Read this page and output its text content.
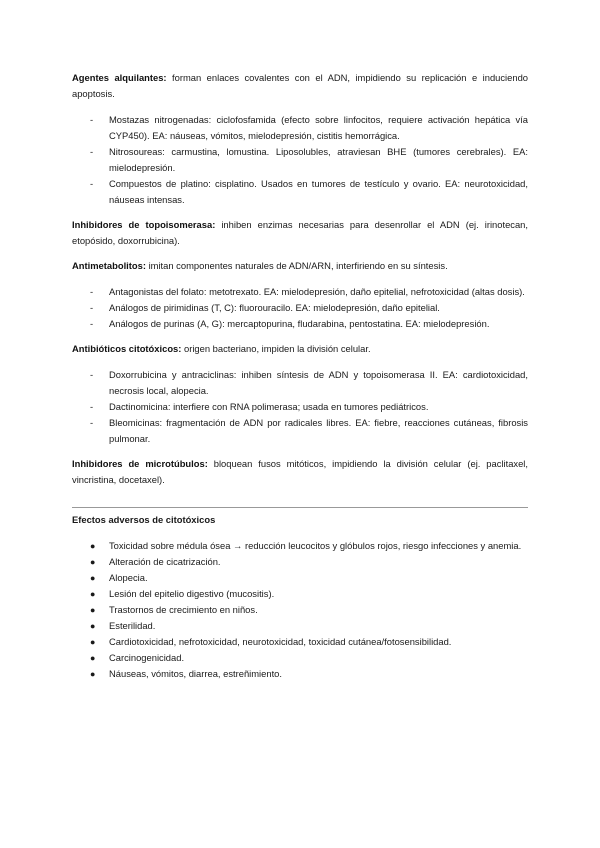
Agentes alquilantes: forman enlaces covalentes con el ADN, impidiendo su replicación e induciendo apoptosis.

- Mostazas nitrogenadas: ciclofosfamida (efecto sobre linfocitos, requiere activación hepática vía CYP450). EA: náuseas, vómitos, mielodepresión, cistitis hemorrágica.
- Nitrosoureas: carmustina, lomustina. Liposolubles, atraviesan BHE (tumores cerebrales). EA: mielodepresión.
- Compuestos de platino: cisplatino. Usados en tumores de testículo y ovario. EA: neurotoxicidad, náuseas intensas.

Inhibidores de topoisomerasa: inhiben enzimas necesarias para desenrollar el ADN (ej. irinotecan, etopósido, doxorrubicina).

Antimetabolitos: imitan componentes naturales de ADN/ARN, interfiriendo en su síntesis.

- Antagonistas del folato: metotrexato. EA: mielodepresión, daño epitelial, nefrotoxicidad (altas dosis).
- Análogos de pirimidinas (T, C): fluorouracilo. EA: mielodepresión, daño epitelial.
- Análogos de purinas (A, G): mercaptopurina, fludarabina, pentostatina. EA: mielodepresión.

Antibióticos citotóxicos: origen bacteriano, impiden la división celular.

- Doxorrubicina y antraciclinas: inhiben síntesis de ADN y topoisomerasa II. EA: cardiotoxicidad, necrosis local, alopecia.
- Dactinomicina: interfiere con RNA polimerasa; usada en tumores pediátricos.
- Bleomicinas: fragmentación de ADN por radicales libres. EA: fiebre, reacciones cutáneas, fibrosis pulmonar.

Inhibidores de microtúbulos: bloquean fusos mitóticos, impidiendo la división celular (ej. paclitaxel, vincristina, docetaxel).

Efectos adversos de citotóxicos
● Toxicidad sobre médula ósea → reducción leucocitos y glóbulos rojos, riesgo infecciones y anemia.
● Alteración de cicatrización.
● Alopecia.
● Lesión del epitelio digestivo (mucositis).
● Trastornos de crecimiento en niños.
● Esterilidad.
● Cardiotoxicidad, nefrotoxicidad, neurotoxicidad, toxicidad cutánea/fotosensibilidad.
● Carcinogenicidad.
● Náuseas, vómitos, diarrea, estreñimiento.
